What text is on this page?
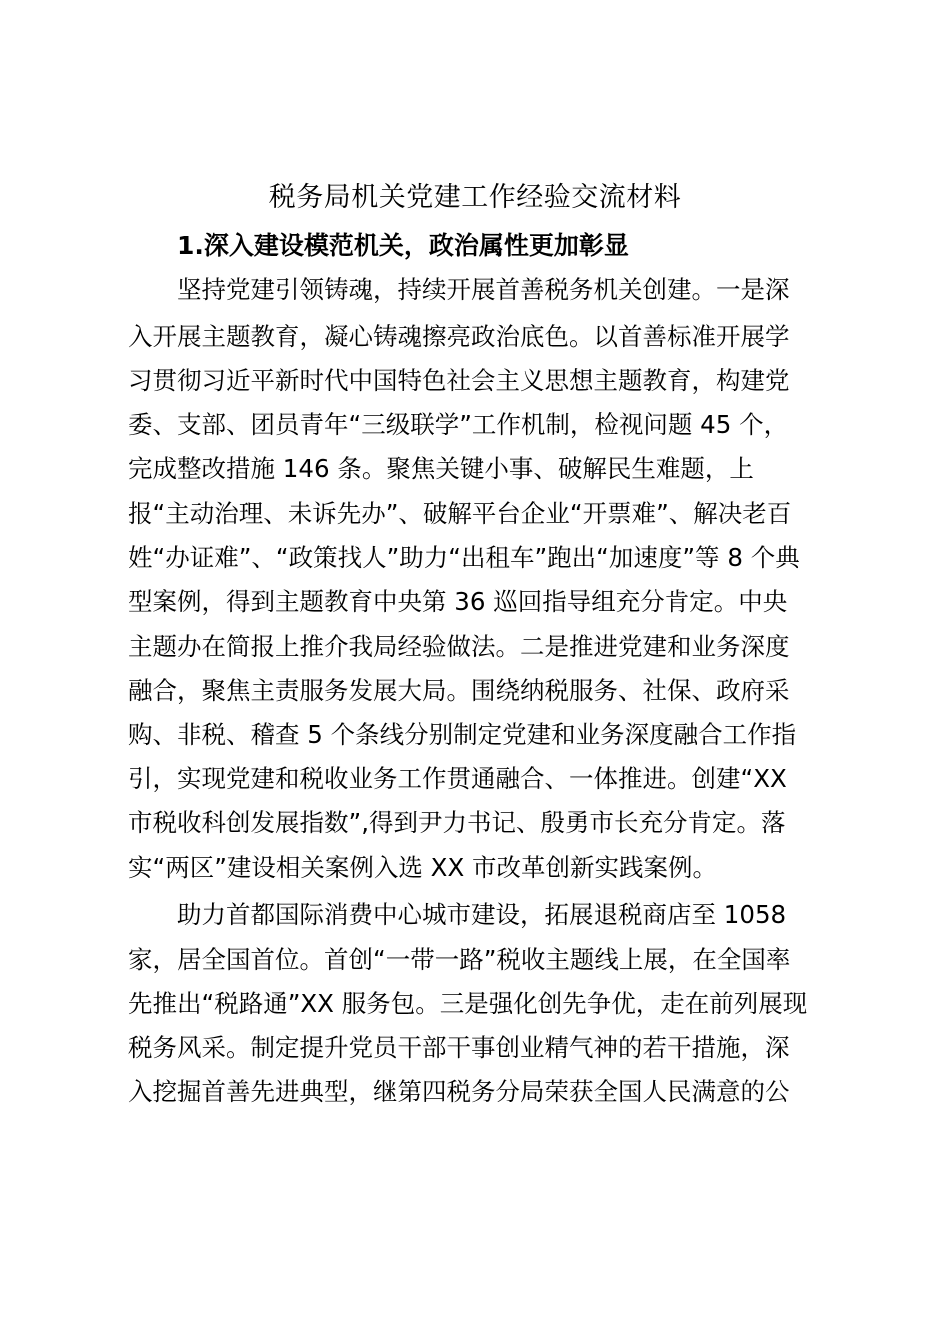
税务局机关党建工作经验交流材料
1.深入建设模范机关，政治属性更加彰显
坚持党建引领铸魂，持续开展首善税务机关创建。一是深
入开展主题教育，凝心铸魂擦亮政治底色。以首善标准开展学
习贯彻习近平新时代中国特色社会主义思想主题教育，构建党
委、支部、团员青年“三级联学”工作机制，检视问题 45 个，
完成整改措施 146 条。聚焦关键小事、破解民生难题，上
报“主动治理、未诉先办”、破解平台企业“开票难”、解决老百
姓“办证难”、“政策找人”助力“出租车”跑出“加速度”等 8 个典
型案例，得到主题教育中央第 36 巡回指导组充分肯定。中央
主题办在简报上推介我局经验做法。二是推进党建和业务深度
融合，聚焦主责服务发展大局。围绕纳税服务、社保、政府采
购、非税、稽查 5 个条线分别制定党建和业务深度融合工作指
引，实现党建和税收业务工作贯通融合、一体推进。创建“XX
市税收科创发展指数”,得到尹力书记、殷勇市长充分肯定。落
实“两区”建设相关案例入选 XX 市改革创新实践案例。
助力首都国际消费中心城市建设，拓展退税商店至 1058
家，居全国首位。首创“一带一路”税收主题线上展，在全国率
先推出“税路通”XX 服务包。三是强化创先争优，走在前列展现
税务风采。制定提升党员干部干事创业精气神的若干措施，深
入挖掘首善先进典型，继第四税务分局荣获全国人民满意的公
